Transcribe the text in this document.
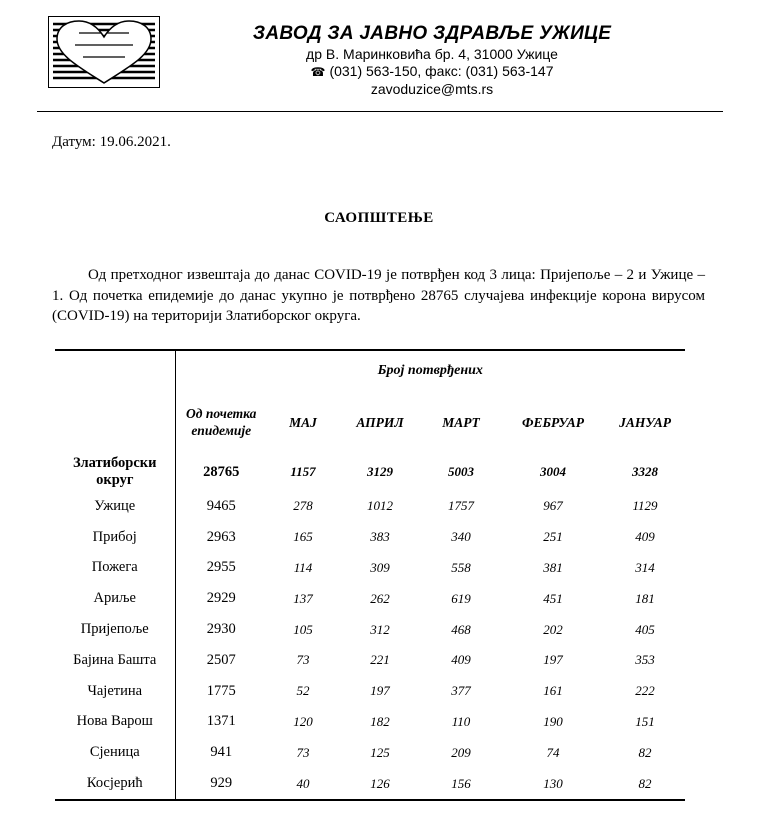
ЗАВОД ЗА ЈАВНО ЗДРАВЉЕ УЖИЦЕ
др В. Маринковића бр. 4, 31000 Ужице
☎ (031) 563-150, факс: (031) 563-147
zavoduzice@mts.rs
Датум: 19.06.2021.
САОПШТЕЊЕ
Од претходног извештаја до данас COVID-19 је потврђен код 3 лица: Пријепоље – 2 и Ужице – 1. Од почетка епидемије до данас укупно је потврђено 28765 случајева инфекције корона вирусом (COVID-19) на територији Златиборског округа.
	Број потврђених					
	Од почетка епидемије	МАЈ	АПРИЛ	МАРТ	ФЕБРУАР	ЈАНУАР
Златиборски округ	28765	1157	3129	5003	3004	3328
Ужице	9465	278	1012	1757	967	1129
Прибој	2963	165	383	340	251	409
Пожега	2955	114	309	558	381	314
Ариље	2929	137	262	619	451	181
Пријепоље	2930	105	312	468	202	405
Бајина Башта	2507	73	221	409	197	353
Чајетина	1775	52	197	377	161	222
Нова Варош	1371	120	182	110	190	151
Сјеница	941	73	125	209	74	82
Косјерић	929	40	126	156	130	82
